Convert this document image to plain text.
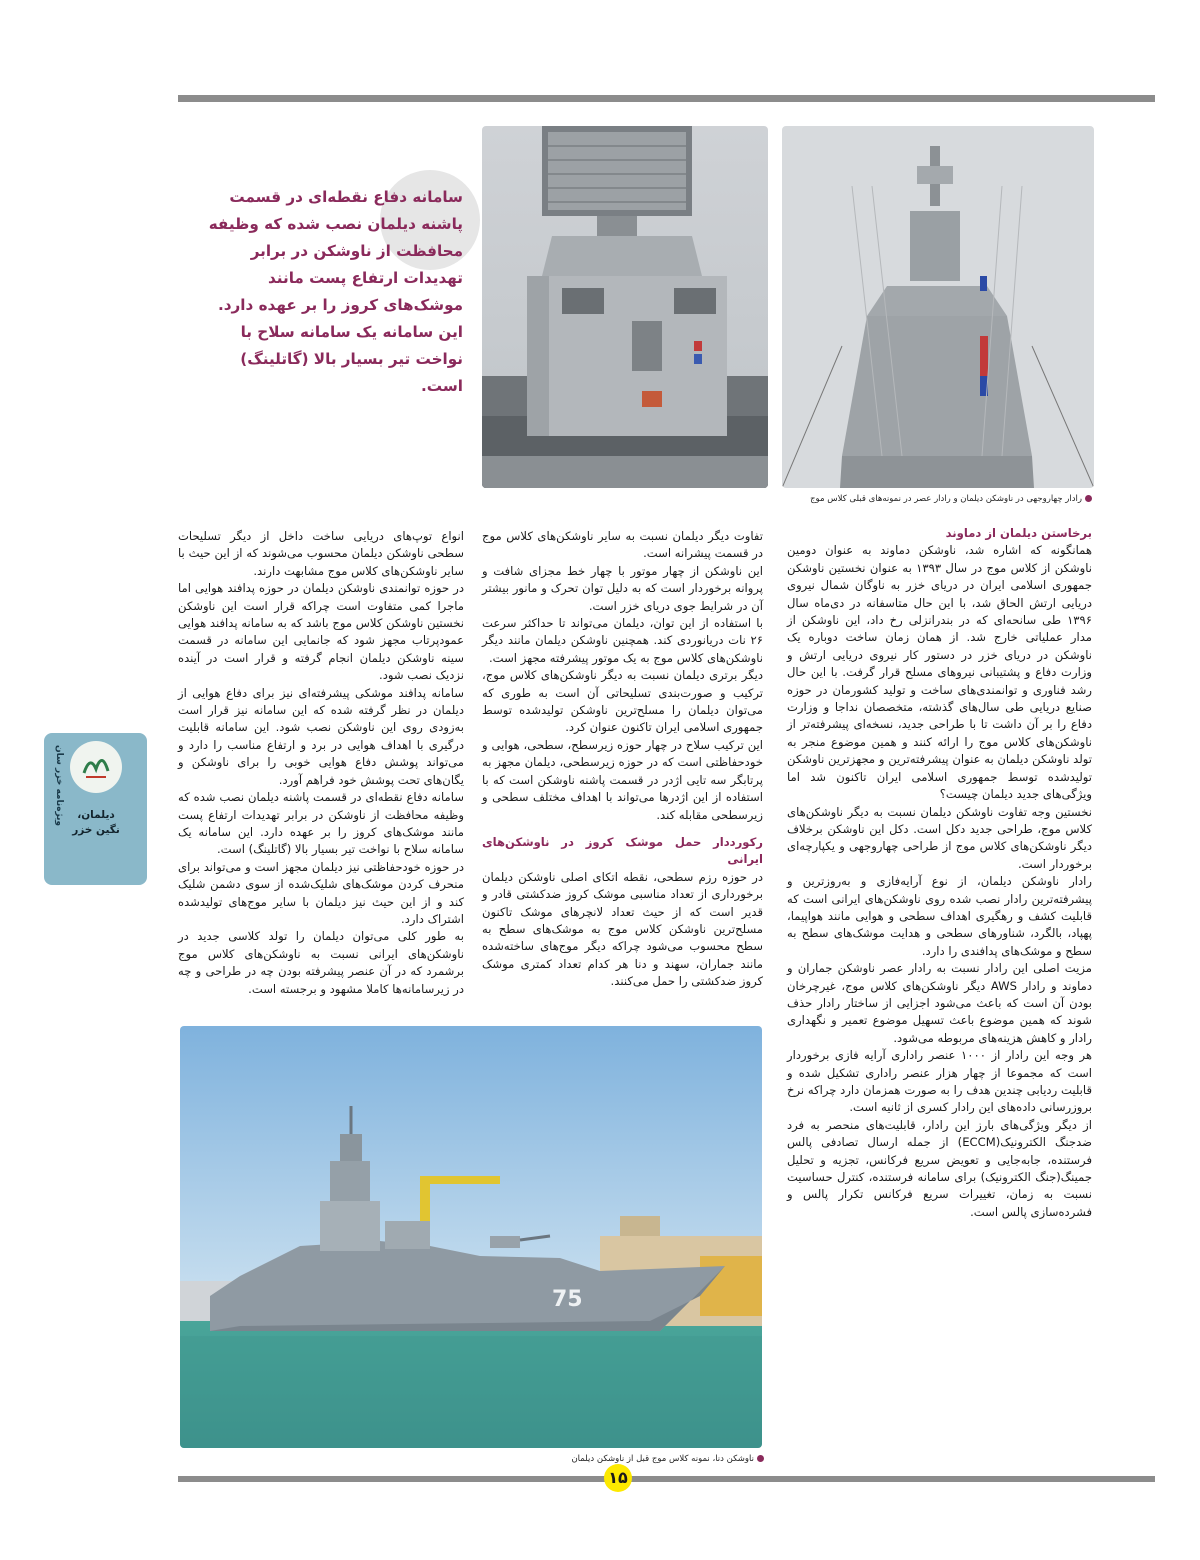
سامانه دفاع نقطه‌ای در قسمت پاشنه دیلمان نصب شده که وظیفه محافظت از ناوشکن در برابر تهدیدات ارتفاع پست مانند موشک‌های کروز را بر عهده دارد. این سامانه یک سامانه سلاح با نواخت تیر بسیار بالا (گاتلینگ) است.
رادار چهاروجهی در ناوشکن دیلمان و رادار عصر در نمونه‌های قبلی کلاس موج
برخاستن دیلمان از دماوند

همانگونه که اشاره شد، ناوشکن دماوند به عنوان دومین ناوشکن از کلاس موج در سال ۱۳۹۳ به عنوان نخستین ناوشکن جمهوری اسلامی ایران در دریای خزر به ناوگان شمال نیروی دریایی ارتش الحاق شد، با این حال متاسفانه در دی‌ماه سال ۱۳۹۶ طی سانحه‌ای که در بندرانزلی رخ داد، این ناوشکن از مدار عملیاتی خارج شد. از همان زمان ساخت دوباره یک ناوشکن در دریای خزر در دستور کار نیروی دریایی ارتش و وزارت دفاع و پشتیبانی نیروهای مسلح قرار گرفت. با این حال رشد فناوری و توانمندی‌های ساخت و تولید کشورمان در حوزه صنایع دریایی طی سال‌های گذشته، متخصصان نداجا و وزارت دفاع را بر آن داشت تا با طراحی جدید، نسخه‌ای پیشرفته‌تر از ناوشکن‌های کلاس موج را ارائه کنند و همین موضوع منجر به تولد ناوشکن دیلمان به عنوان پیشرفته‌ترین و مجهزترین ناوشکن تولیدشده توسط جمهوری اسلامی ایران تاکنون شد اما ویژگی‌های جدید دیلمان چیست؟

نخستین وجه تفاوت ناوشکن دیلمان نسبت به دیگر ناوشکن‌های کلاس موج، طراحی جدید دکل است. دکل این ناوشکن برخلاف دیگر ناوشکن‌های کلاس موج از طراحی چهاروجهی و یکپارچه‌ای برخوردار است.

رادار ناوشکن دیلمان، از نوع آرایه‌فازی و به‌روزترین و پیشرفته‌ترین رادار نصب شده روی ناوشکن‌های ایرانی است که قابلیت کشف و رهگیری اهداف سطحی و هوایی مانند هواپیما، پهپاد، بالگرد، شناورهای سطحی و هدایت موشک‌های سطح به سطح و موشک‌های پدافندی را دارد.

مزیت اصلی این رادار نسبت به رادار عصر ناوشکن جماران و دماوند و رادار AWS دیگر ناوشکن‌های کلاس موج، غیرچرخان بودن آن است که باعث می‌شود اجزایی از ساختار رادار حذف شوند که همین موضوع باعث تسهیل موضوع تعمیر و نگهداری رادار و کاهش هزینه‌های مربوطه می‌شود.

هر وجه این رادار از ۱۰۰۰ عنصر راداری آرایه فازی برخوردار است که مجموعا از چهار هزار عنصر راداری تشکیل شده و قابلیت ردیابی چندین هدف را به صورت همزمان دارد چراکه نرخ بروزرسانی داده‌های این رادار کسری از ثانیه است.

از دیگر ویژگی‌های بارز این رادار، قابلیت‌های منحصر به فرد ضدجنگ الکترونیک(ECCM) از جمله ارسال تصادفی پالس فرستنده، جابه‌جایی و تعویض سریع فرکانس، تجزیه و تحلیل جمینگ(جنگ الکترونیک) برای سامانه فرستنده، کنترل حساسیت نسبت به زمان، تغییرات سریع فرکانس تکرار پالس و فشرده‌سازی پالس است.

تفاوت دیگر دیلمان نسبت به سایر ناوشکن‌های کلاس موج در قسمت پیشرانه است.

این ناوشکن از چهار موتور با چهار خط مجزای شافت و پروانه برخوردار است که به دلیل توان تحرک و مانور بیشتر آن در شرایط جوی دریای خزر است.

با استفاده از این توان، دیلمان می‌تواند تا حداکثر سرعت ۲۶ نات دریانوردی کند. همچنین ناوشکن دیلمان مانند دیگر ناوشکن‌های کلاس موج به یک موتور پیشرفته مجهز است.

دیگر برتری دیلمان نسبت به دیگر ناوشکن‌های کلاس موج، ترکیب و صورت‌بندی تسلیحاتی آن است به طوری که می‌توان دیلمان را مسلح‌ترین ناوشکن تولیدشده توسط جمهوری اسلامی ایران تاکنون عنوان کرد.

این ترکیب سلاح در چهار حوزه زیرسطح، سطحی، هوایی و خودحفاظتی است که در حوزه زیرسطحی، دیلمان مجهز به پرتابگر سه تایی اژدر در قسمت پاشنه ناوشکن است که با استفاده از این اژدرها می‌تواند با اهداف مختلف سطحی و زیرسطحی مقابله کند.

رکورددار حمل موشک کروز در ناوشکن‌های ایرانی

در حوزه رزم سطحی، نقطه اتکای اصلی ناوشکن دیلمان برخورداری از تعداد مناسبی موشک کروز ضدکشتی قادر و قدیر است که از حیث تعداد لانچرهای موشک تاکنون مسلح‌ترین ناوشکن کلاس موج به موشک‌های سطح به سطح محسوب می‌شود چراکه دیگر موج‌های ساخته‌شده مانند جماران، سهند و دنا هر کدام تعداد کمتری موشک کروز ضدکشتی را حمل می‌کنند.

انواع توپ‌های دریایی ساخت داخل از دیگر تسلیحات سطحی ناوشکن دیلمان محسوب می‌شوند که از این حیث با سایر ناوشکن‌های کلاس موج مشابهت دارند.

در حوزه توانمندی ناوشکن دیلمان در حوزه پدافند هوایی اما ماجرا کمی متفاوت است چراکه قرار است این ناوشکن نخستین ناوشکن کلاس موج باشد که به سامانه پدافند هوایی عمودپرتاب مجهز شود که جانمایی این سامانه در قسمت سینه ناوشکن دیلمان انجام گرفته و قرار است در آینده نزدیک نصب شود.

سامانه پدافند موشکی پیشرفته‌ای نیز برای دفاع هوایی از دیلمان در نظر گرفته شده که این سامانه نیز قرار است به‌زودی روی این ناوشکن نصب شود. این سامانه قابلیت درگیری با اهداف هوایی در برد و ارتفاع مناسب را دارد و می‌تواند پوشش دفاع هوایی خوبی را برای ناوشکن و یگان‌های تحت پوشش خود فراهم آورد.

سامانه دفاع نقطه‌ای در قسمت پاشنه دیلمان نصب شده که وظیفه محافظت از ناوشکن در برابر تهدیدات ارتفاع پست مانند موشک‌های کروز را بر عهده دارد. این سامانه یک سامانه سلاح با نواخت تیر بسیار بالا (گاتلینگ) است.

در حوزه خودحفاظتی نیز دیلمان مجهز است و می‌تواند برای منحرف کردن موشک‌های شلیک‌شده از سوی دشمن شلیک کند و از این حیث نیز دیلمان با سایر موج‌های تولیدشده اشتراک دارد.

به طور کلی می‌توان دیلمان را تولد کلاسی جدید در ناوشکن‌های ایرانی نسبت به ناوشکن‌های کلاس موج برشمرد که در آن عنصر پیشرفته بودن چه در طراحی و چه در زیرسامانه‌ها کاملا مشهود و برجسته است.

ویژه‌نامه خزر سان	دیلمان، نگین خزر
75
ناوشکن دنا، نمونه کلاس موج قبل از ناوشکن دیلمان
۱۵
